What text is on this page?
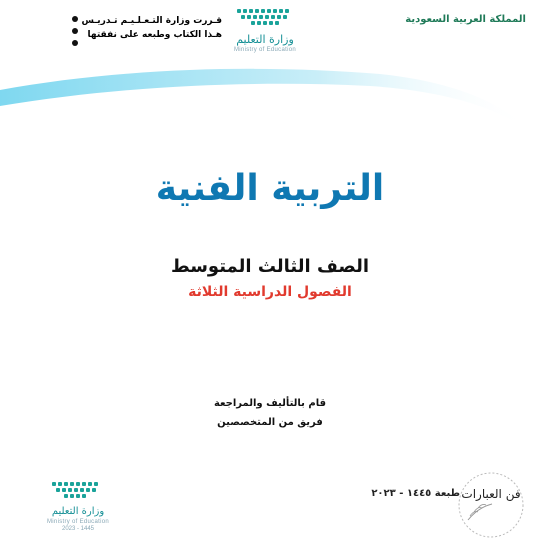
المملكة العربية السعودية
وزارة التعليم
Ministry of Education
قـررت وزارة التـعـلـيـم تـدريـس
هـذا الكتاب وطبعه على نفقتها
التربية الفنية
الصف الثالث المتوسط
الفصول الدراسية الثلاثة
قام بالتأليف والمراجعة
فريق من المتخصصين
وزارة التعليم
Ministry of Education
2023 - 1445
طبعة ١٤٤٥ - ٢٠٢٣ فن العبارات
